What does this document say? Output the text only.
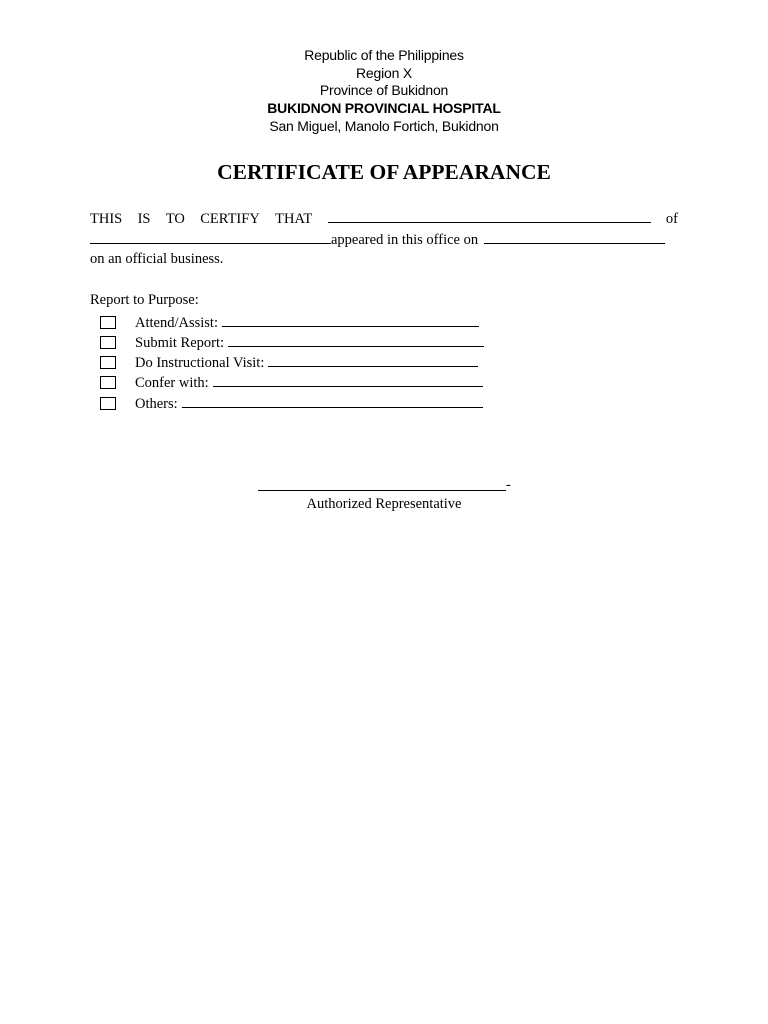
Republic of the Philippines
Region X
Province of Bukidnon
BUKIDNON PROVINCIAL HOSPITAL
San Miguel, Manolo Fortich, Bukidnon
CERTIFICATE OF APPEARANCE
THIS IS TO CERTIFY THAT	of
appeared in this office on
on an official business.
Report to Purpose:
Attend/Assist:
Submit Report:
Do Instructional Visit:
Confer with:
Others:
-
Authorized Representative
